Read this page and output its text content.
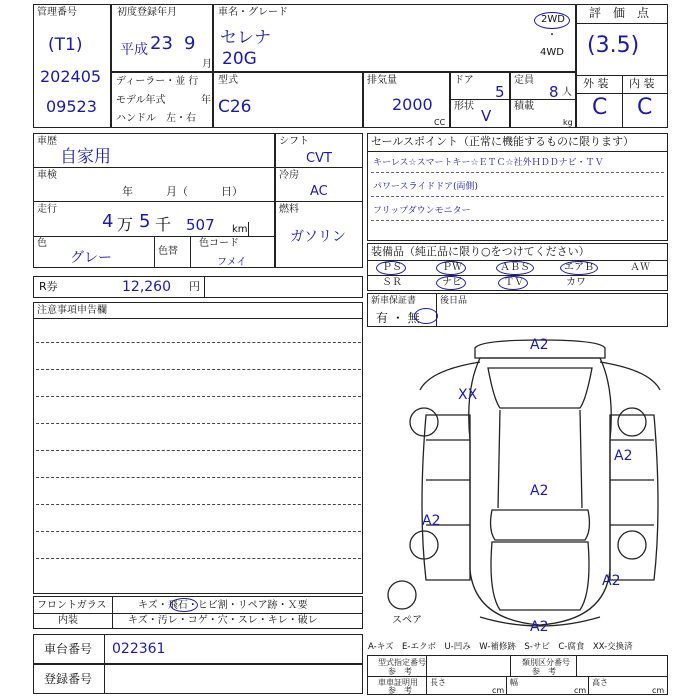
管理番号
(T1)
202405
09523
初度登録年月
平成 23 9
月
車名・グレード
セレナ
20G
2WD
・
4WD
ディーラー・並 行
モデル年式	年
ハンドル　左・右
型式
C26
排気量
2000
CC
ドア
5
形状
V
定員
8 人
積載
kg
評　価　点
(3.5)
外 装 内 装
C C
車歴
自家用
車検
年　　　月（　　　日）
走行
4 万 5 千 507 km
色
グレー	色替
色コード
フメイ
シフト
CVT
冷房
AC
燃料
ガソリン
セールスポイント（正常に機能するものに限ります）
キーレス☆スマートキー☆ＥＴＣ☆社外ＨＤＤナビ・ＴＶ
パワースライドドア(両側)
フリップダウンモニター
装備品（純正品に限り○をつけてください）
ＰＳ	ＰＷ	ＡＢＳ	エアＢ	ＡＷ
ＳＲ	ナビ	ＴＶ	カワ
新車保証書	後日品
有 ・ 無
R券	12,260 円
注意事項申告欄
フロントガラス	キズ・飛石・ヒビ割・リペア跡・Ｘ要
内装	キズ・汚レ・コゲ・穴・スレ・キレ・破レ	スペア
A2
XX
A2
A2
A2
A2
A2
A-キズ　E-エクボ　U-凹み　W-補修跡　S-サビ　C-腐食　XX-交換済
車台番号 022361
登録番号
型式指定番号
参　考
類別区分番号
参　考
車車証明用
参　考
長さ
cm
幅
cm
高さ
cm
